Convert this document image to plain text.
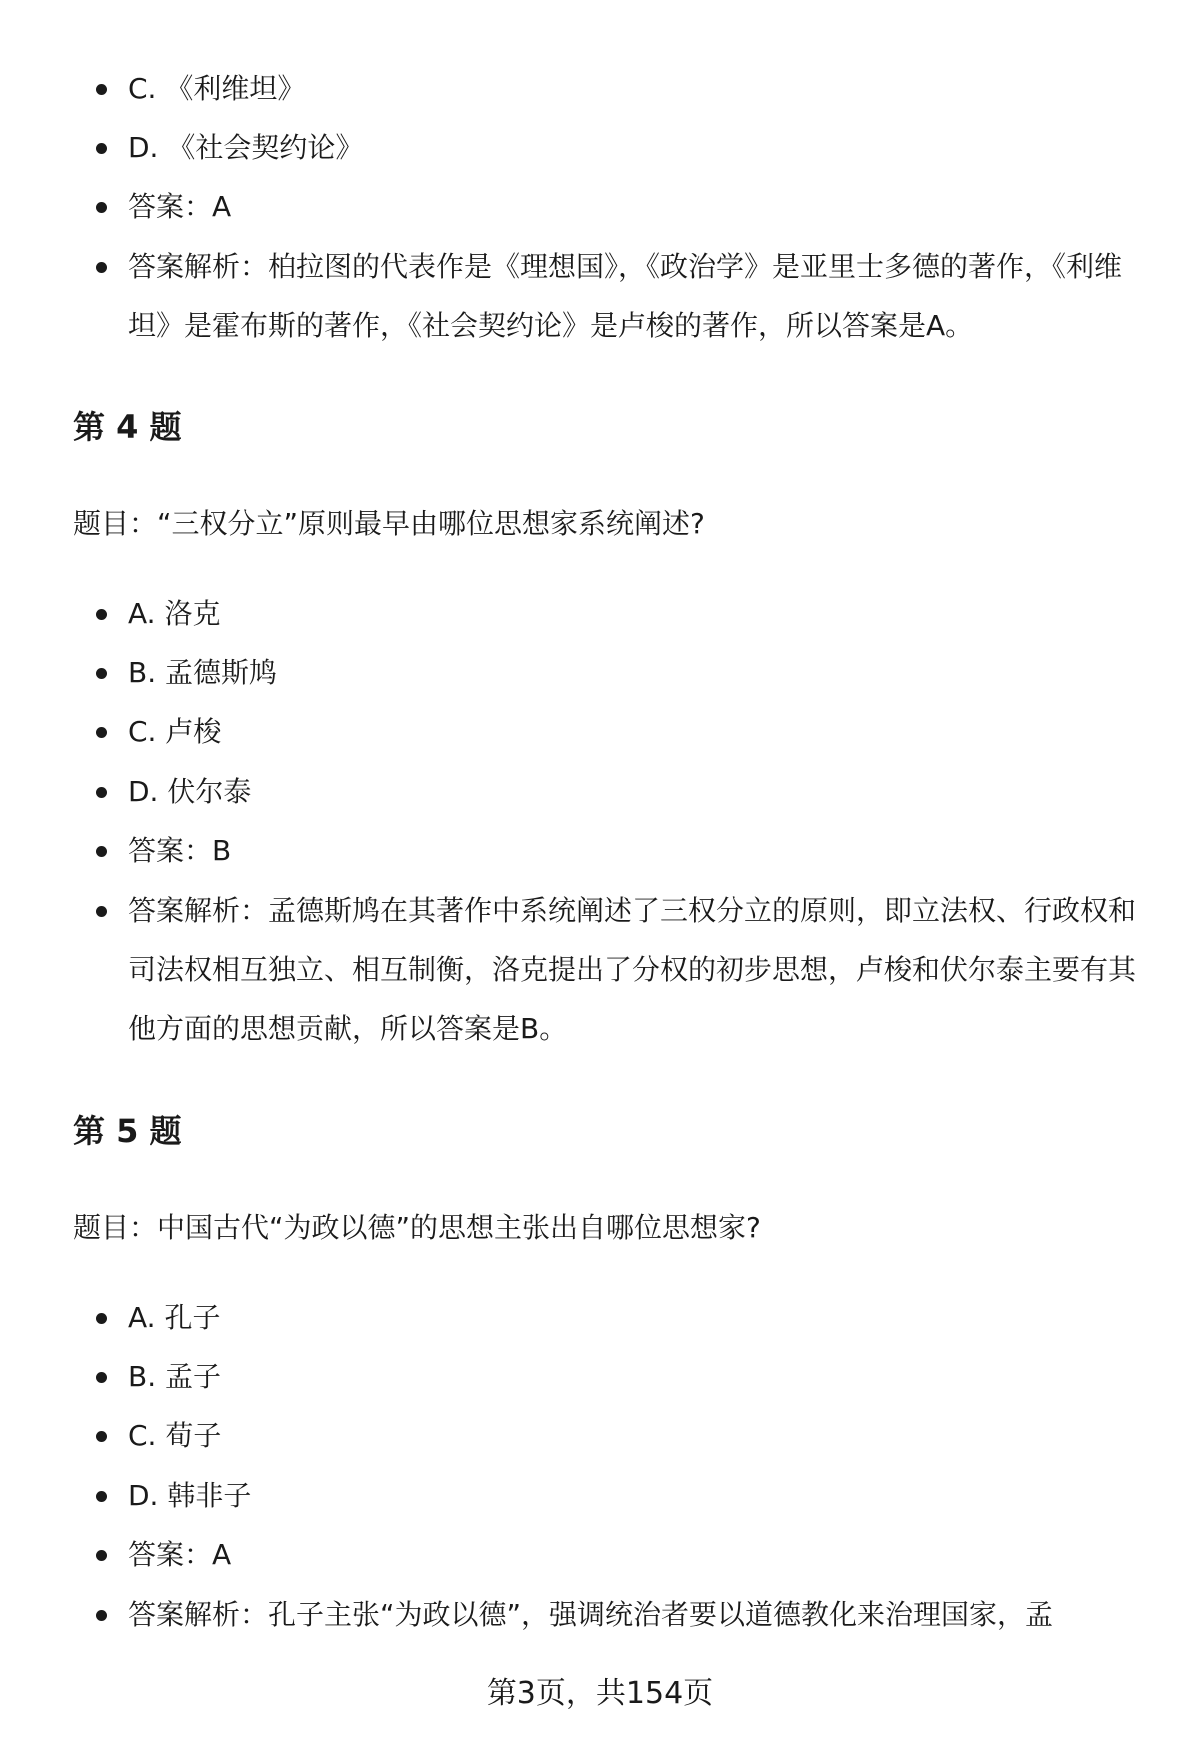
C. 《利维坦》
D. 《社会契约论》
答案：A
答案解析：柏拉图的代表作是《理想国》，《政治学》是亚里士多德的著作，《利维坦》是霍布斯的著作，《社会契约论》是卢梭的著作，所以答案是A。
第 4 题
题目：“三权分立”原则最早由哪位思想家系统阐述?
A. 洛克
B. 孟德斯鸠
C. 卢梭
D. 伏尔泰
答案：B
答案解析：孟德斯鸠在其著作中系统阐述了三权分立的原则，即立法权、行政权和司法权相互独立、相互制衡，洛克提出了分权的初步思想，卢梭和伏尔泰主要有其他方面的思想贡献，所以答案是B。
第 5 题
题目：中国古代“为政以德”的思想主张出自哪位思想家?
A. 孔子
B. 孟子
C. 荀子
D. 韩非子
答案：A
答案解析：孔子主张“为政以德”，强调统治者要以道德教化来治理国家，孟
第3页，共154页
